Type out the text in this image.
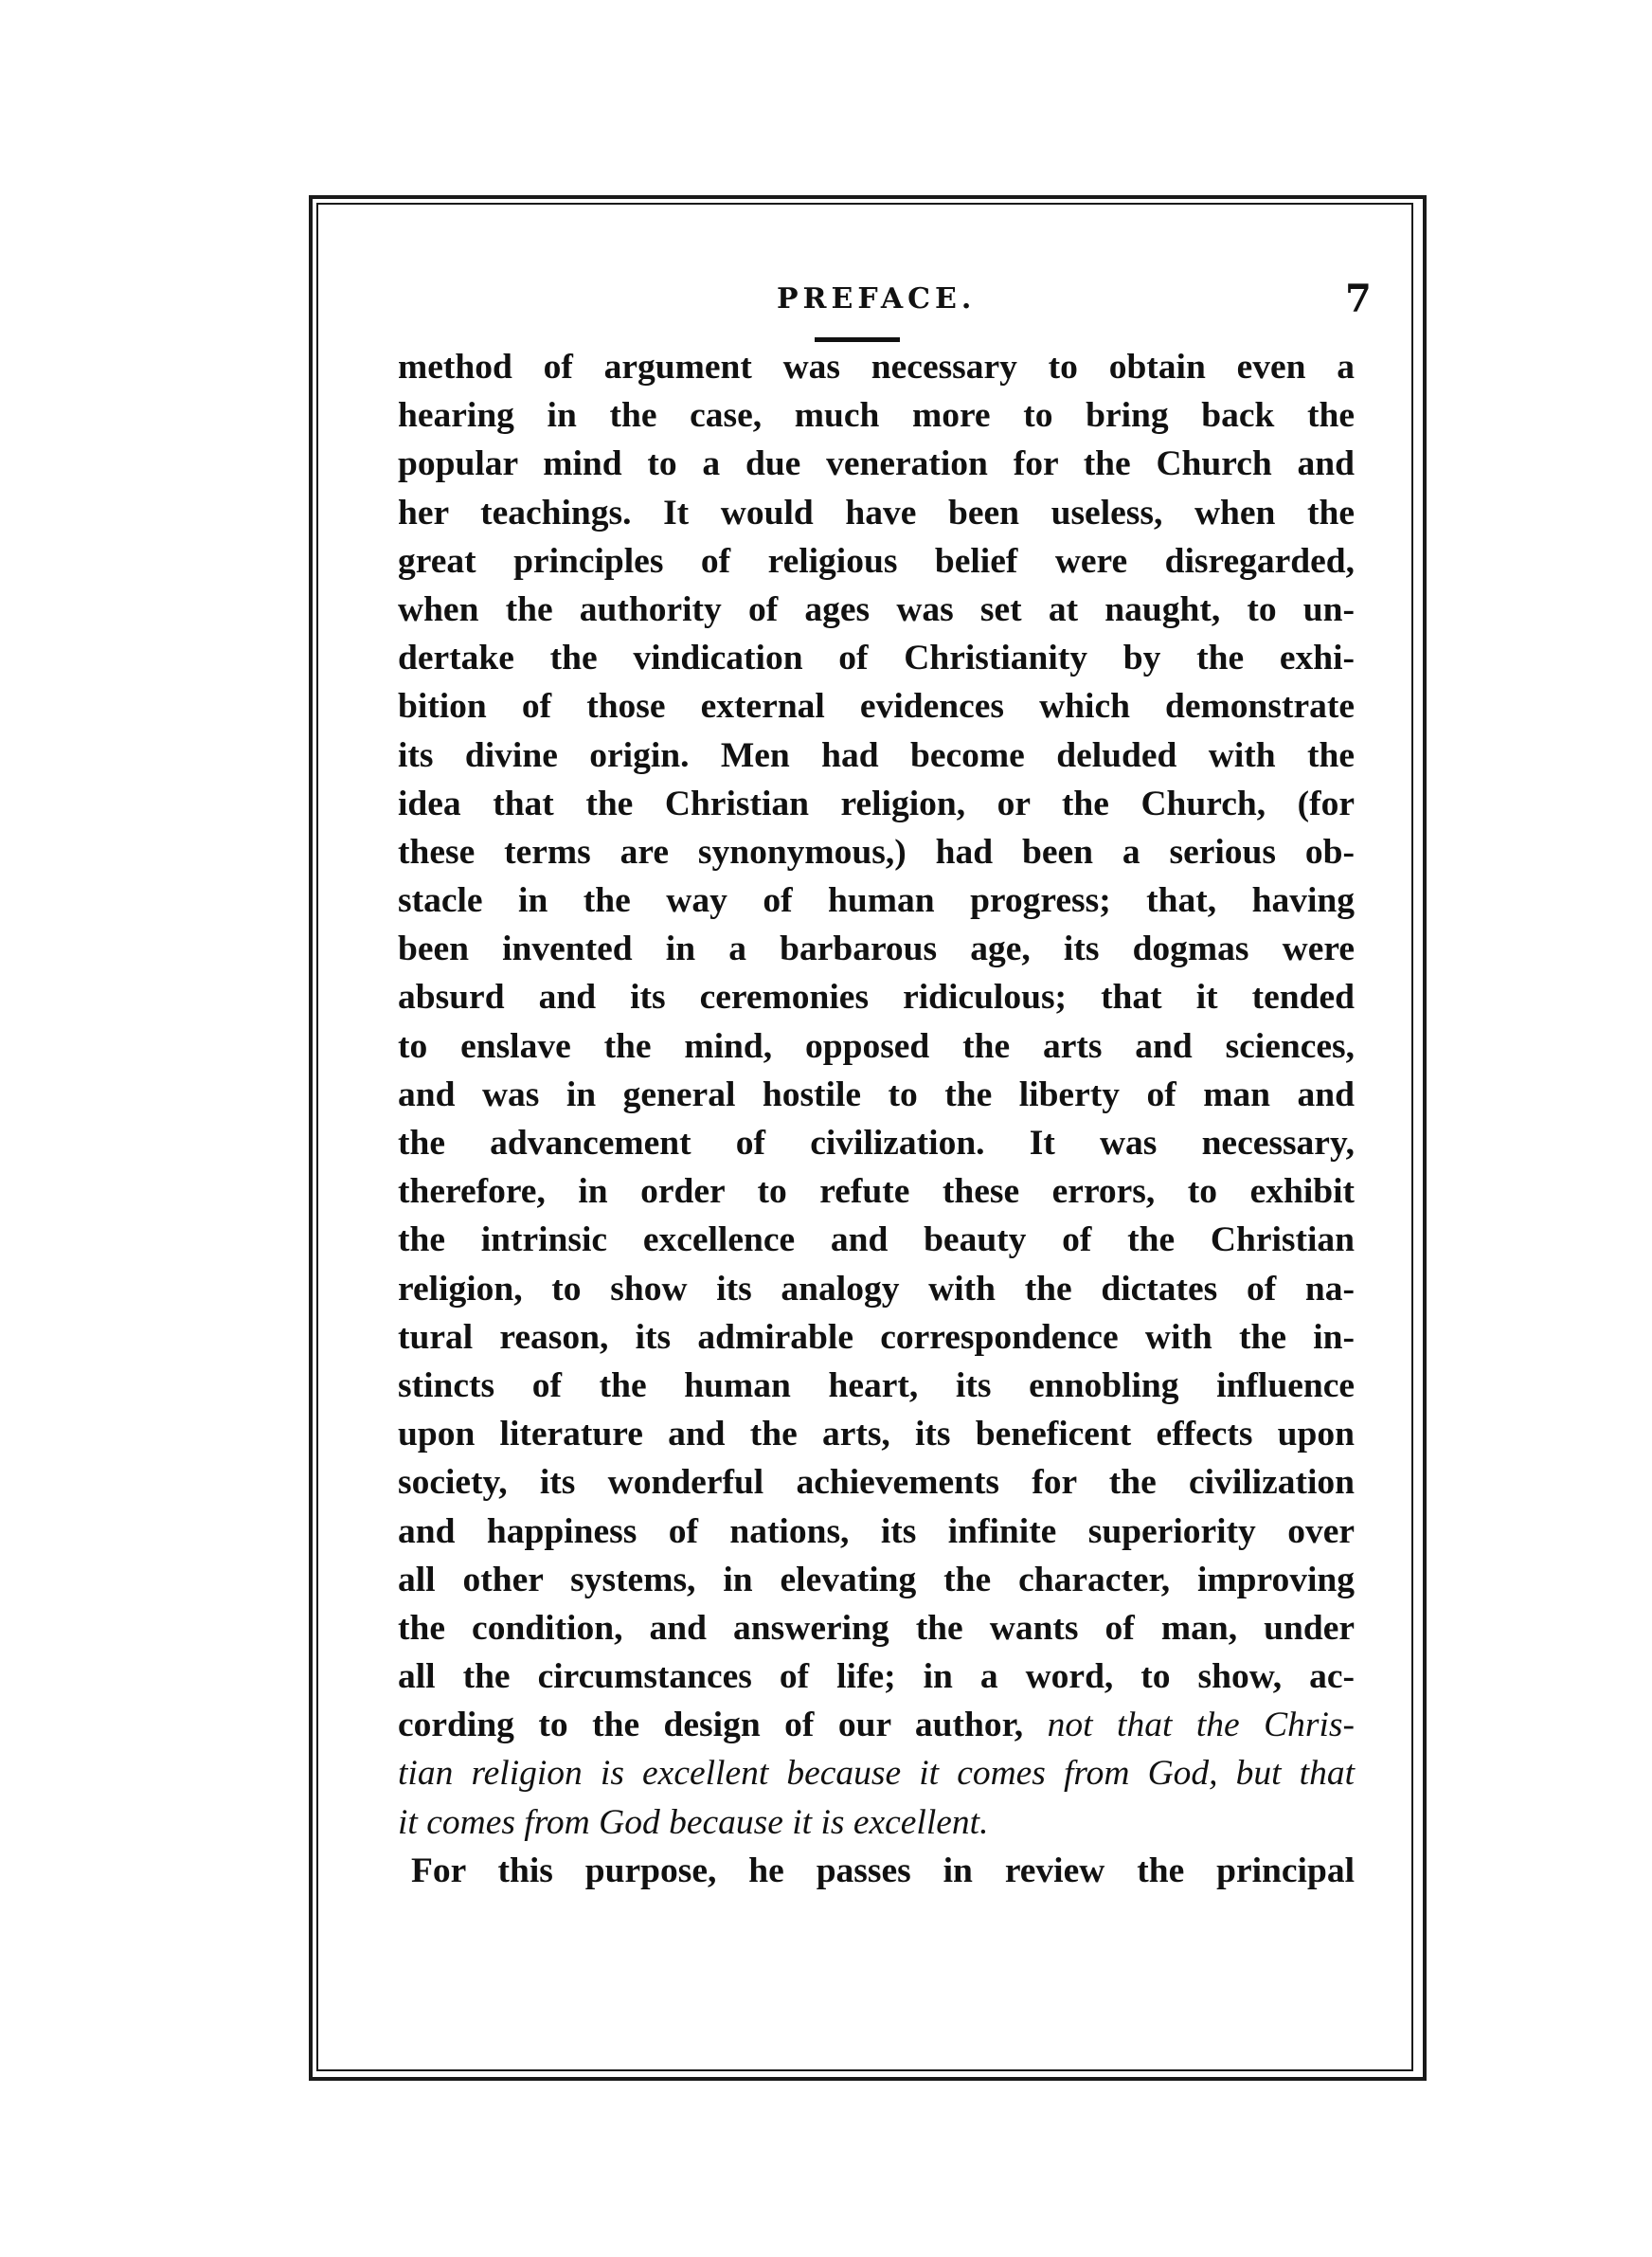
PREFACE.	7
method of argument was necessary to obtain even a
hearing in the case, much more to bring back the
popular mind to a due veneration for the Church and
her teachings. It would have been useless, when the
great principles of religious belief were disregarded,
when the authority of ages was set at naught, to un-
dertake the vindication of Christianity by the exhi-
bition of those external evidences which demonstrate
its divine origin. Men had become deluded with the
idea that the Christian religion, or the Church, (for
these terms are synonymous,) had been a serious ob-
stacle in the way of human progress; that, having
been invented in a barbarous age, its dogmas were
absurd and its ceremonies ridiculous; that it tended
to enslave the mind, opposed the arts and sciences,
and was in general hostile to the liberty of man and
the advancement of civilization. It was necessary,
therefore, in order to refute these errors, to exhibit
the intrinsic excellence and beauty of the Christian
religion, to show its analogy with the dictates of na-
tural reason, its admirable correspondence with the in-
stincts of the human heart, its ennobling influence
upon literature and the arts, its beneficent effects upon
society, its wonderful achievements for the civilization
and happiness of nations, its infinite superiority over
all other systems, in elevating the character, improving
the condition, and answering the wants of man, under
all the circumstances of life; in a word, to show, ac-
cording to the design of our author, not that the Chris-
tian religion is excellent because it comes from God, but that
it comes from God because it is excellent.
For this purpose, he passes in review the principal
